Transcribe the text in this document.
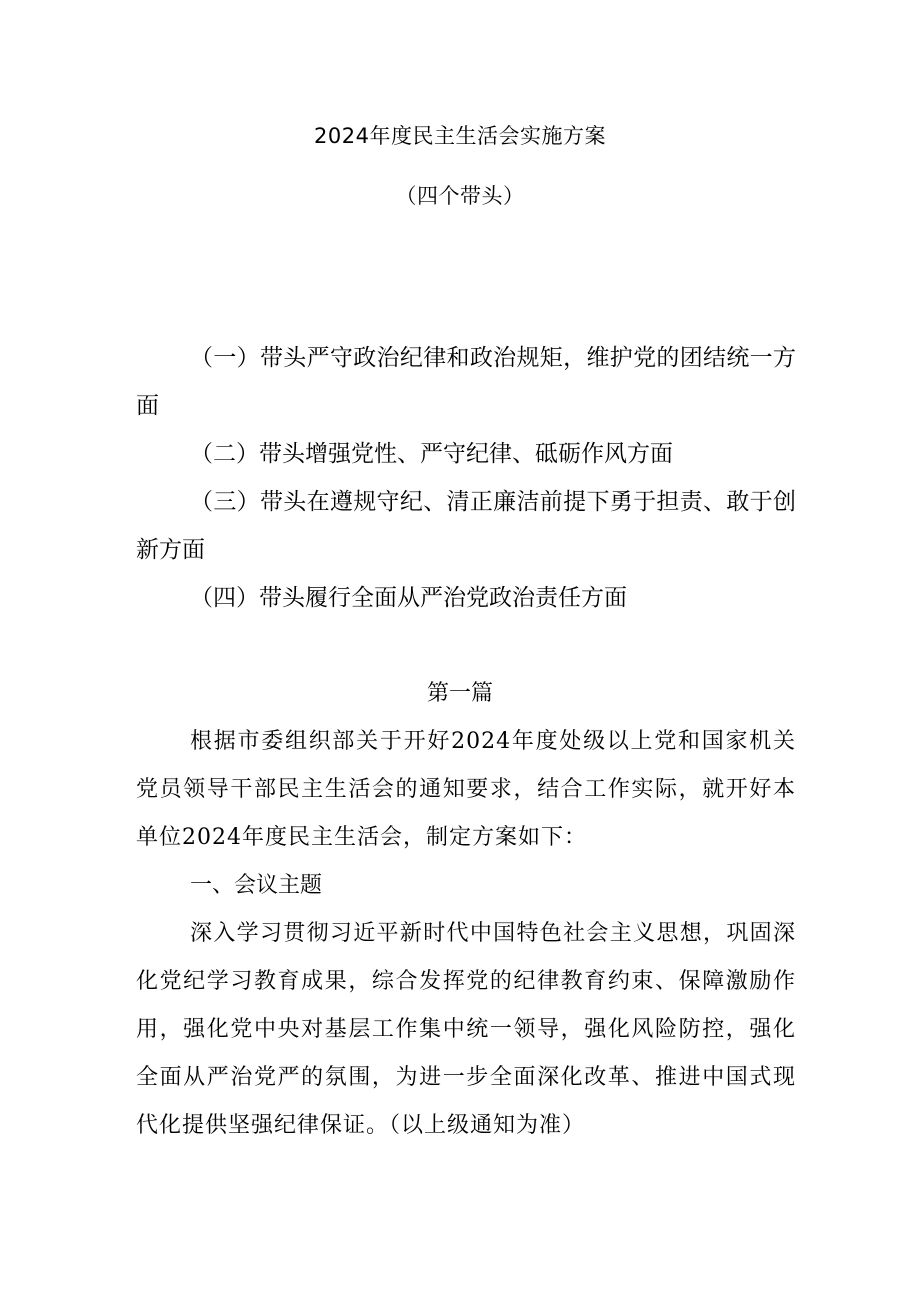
2024年度民主生活会实施方案
（四个带头）
（一）带头严守政治纪律和政治规矩，维护党的团结统一方面
（二）带头增强党性、严守纪律、砥砺作风方面
（三）带头在遵规守纪、清正廉洁前提下勇于担责、敢于创新方面
（四）带头履行全面从严治党政治责任方面
第一篇
根据市委组织部关于开好2024年度处级以上党和国家机关党员领导干部民主生活会的通知要求，结合工作实际，就开好本单位2024年度民主生活会，制定方案如下：
一、会议主题
深入学习贯彻习近平新时代中国特色社会主义思想，巩固深化党纪学习教育成果，综合发挥党的纪律教育约束、保障激励作用，强化党中央对基层工作集中统一领导，强化风险防控，强化全面从严治党严的氛围，为进一步全面深化改革、推进中国式现代化提供坚强纪律保证。（以上级通知为准）
